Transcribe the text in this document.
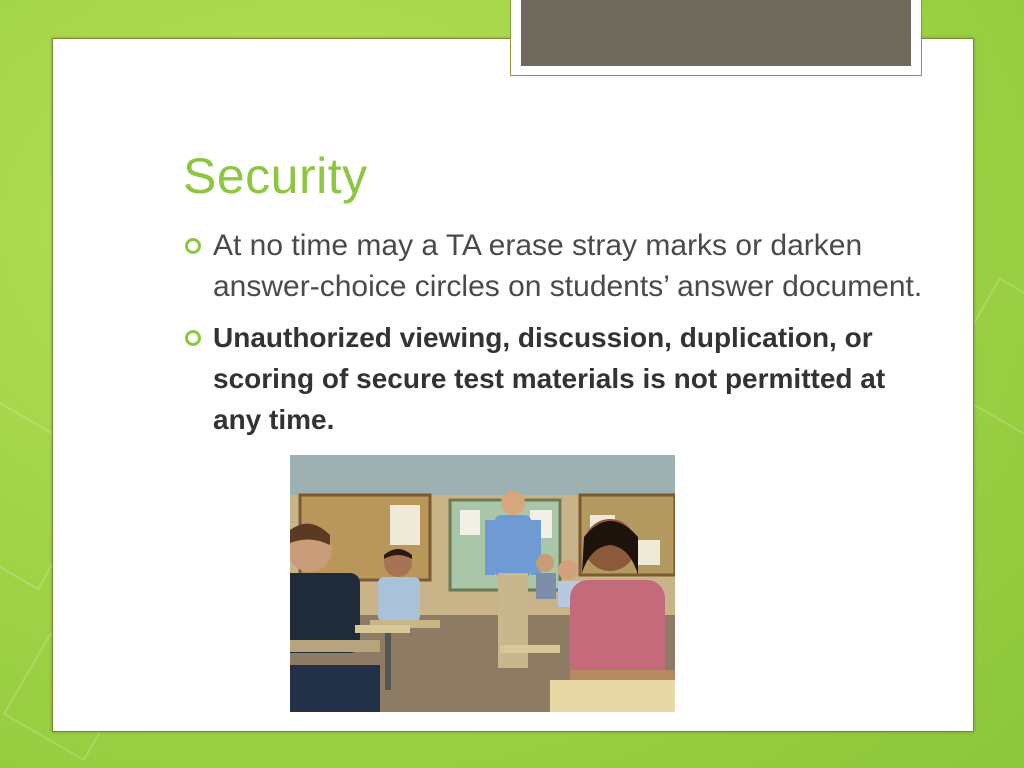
Security
At no time may a TA erase stray marks or darken answer-choice circles on students’ answer document.
Unauthorized viewing, discussion, duplication, or scoring of secure test materials is not permitted at any time.
